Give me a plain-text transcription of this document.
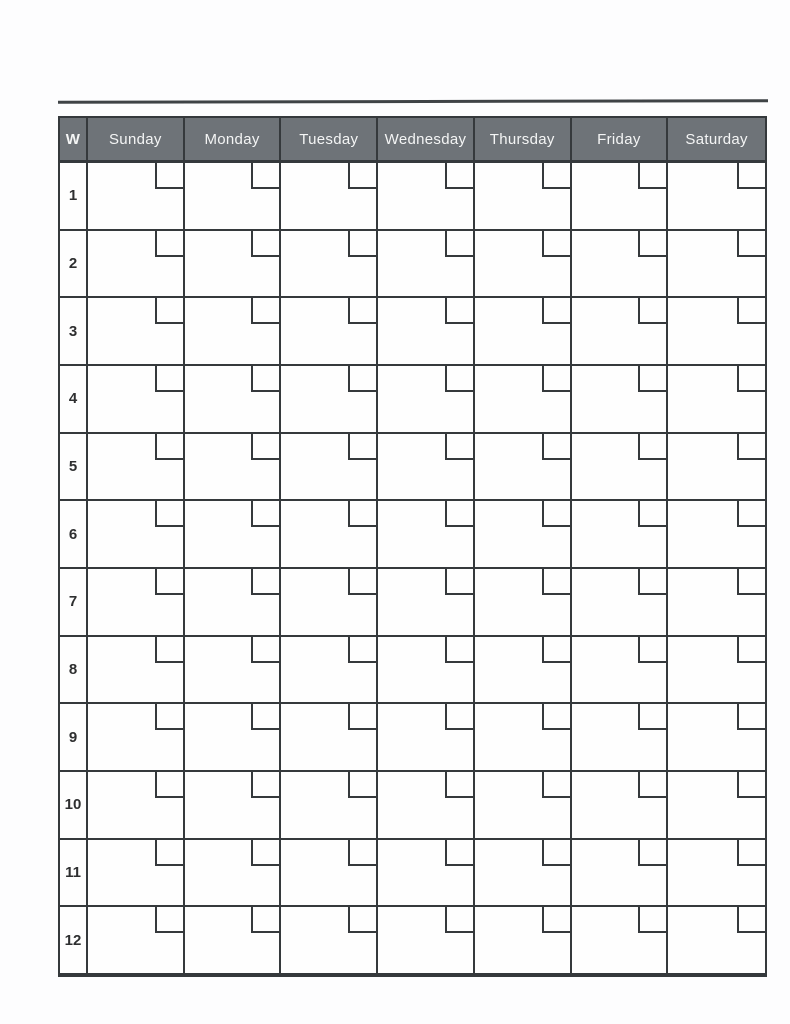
W	Sunday	Monday	Tuesday	Wednesday	Thursday	Friday	Saturday
1
2
3
4
5
6
7
8
9
10
11
12
